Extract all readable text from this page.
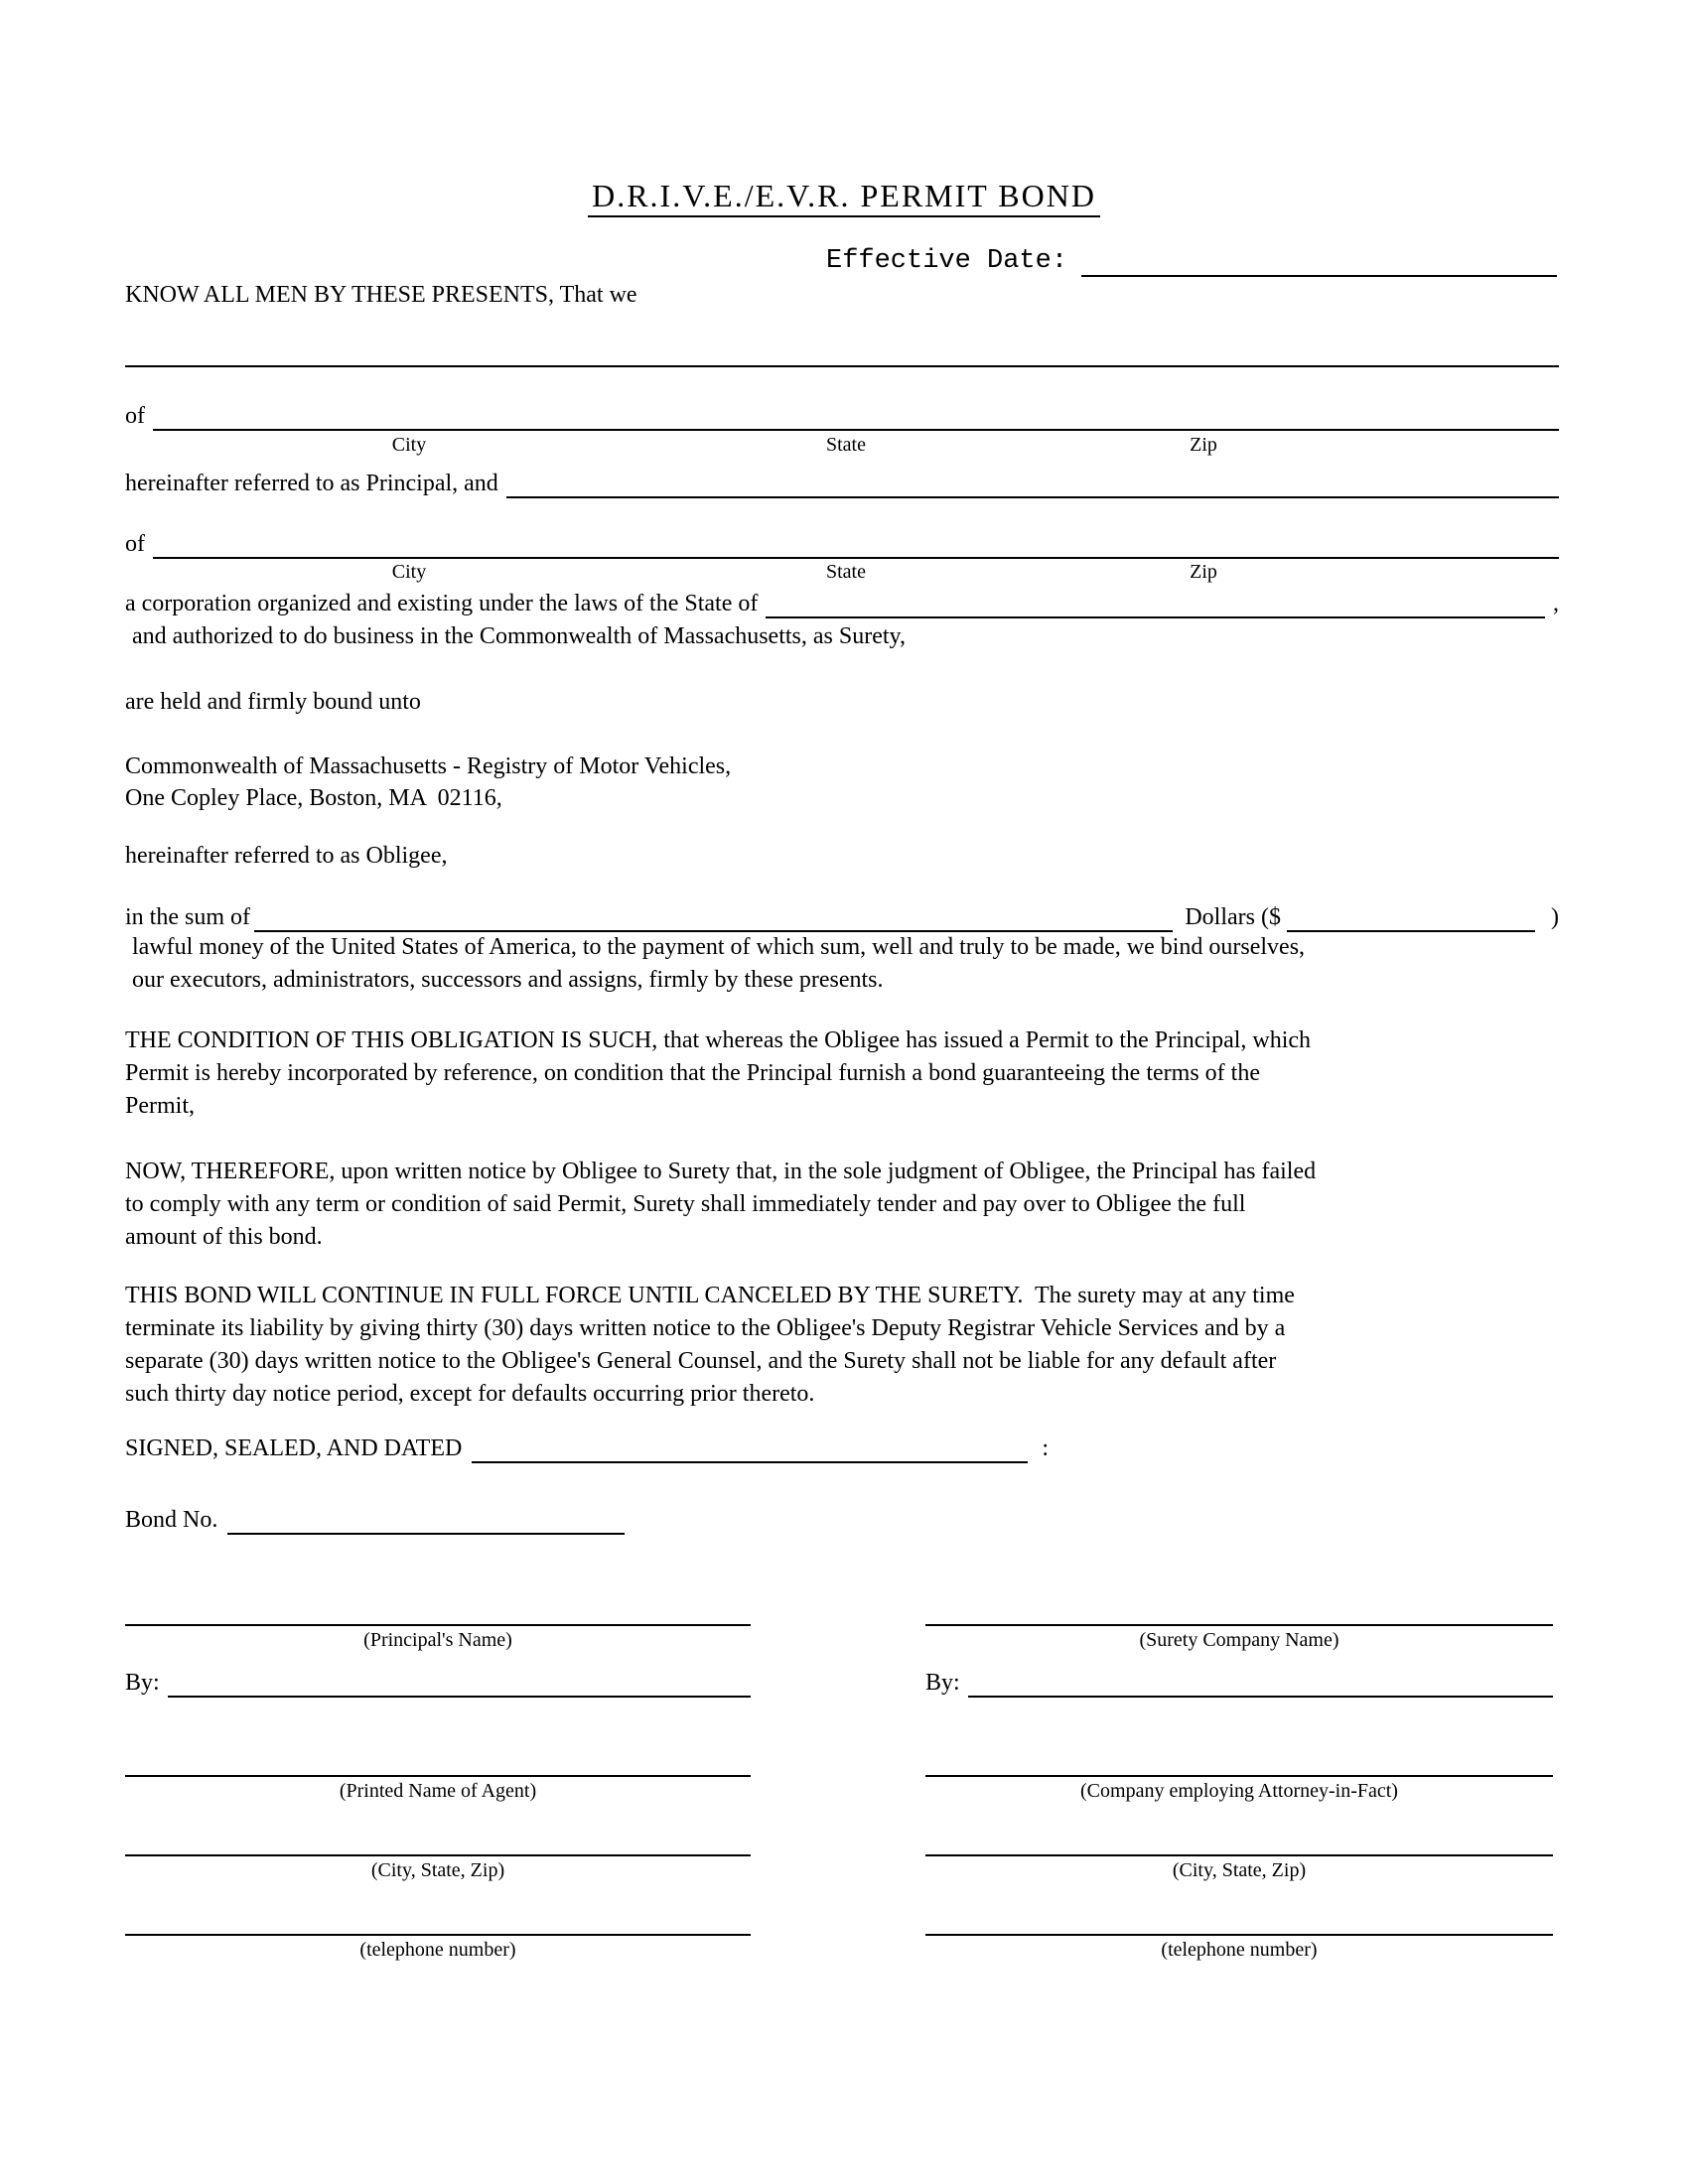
D.R.I.V.E./E.V.R. PERMIT BOND
Effective Date:
KNOW ALL MEN BY THESE PRESENTS, That we
of
City	State	Zip
hereinafter referred to as Principal, and
of
City	State	Zip
a corporation organized and existing under the laws of the State of	,
and authorized to do business in the Commonwealth of Massachusetts, as Surety,
are held and firmly bound unto
Commonwealth of Massachusetts - Registry of Motor Vehicles,
One Copley Place, Boston, MA  02116,
hereinafter referred to as Obligee,
in the sum of	Dollars ($	)
lawful money of the United States of America, to the payment of which sum, well and truly to be made, we bind ourselves,
our executors, administrators, successors and assigns, firmly by these presents.
THE CONDITION OF THIS OBLIGATION IS SUCH, that whereas the Obligee has issued a Permit to the Principal, which
Permit is hereby incorporated by reference, on condition that the Principal furnish a bond guaranteeing the terms of the
Permit,
NOW, THEREFORE, upon written notice by Obligee to Surety that, in the sole judgment of Obligee, the Principal has failed
to comply with any term or condition of said Permit, Surety shall immediately tender and pay over to Obligee the full
amount of this bond.
THIS BOND WILL CONTINUE IN FULL FORCE UNTIL CANCELED BY THE SURETY.  The surety may at any time
terminate its liability by giving thirty (30) days written notice to the Obligee's Deputy Registrar Vehicle Services and by a
separate (30) days written notice to the Obligee's General Counsel, and the Surety shall not be liable for any default after
such thirty day notice period, except for defaults occurring prior thereto.
SIGNED, SEALED, AND DATED	:
Bond No.
(Principal's Name)	(Surety Company Name)
By:	By:
(Printed Name of Agent)	(Company employing Attorney-in-Fact)
(City, State, Zip)	(City, State, Zip)
(telephone number)	(telephone number)
